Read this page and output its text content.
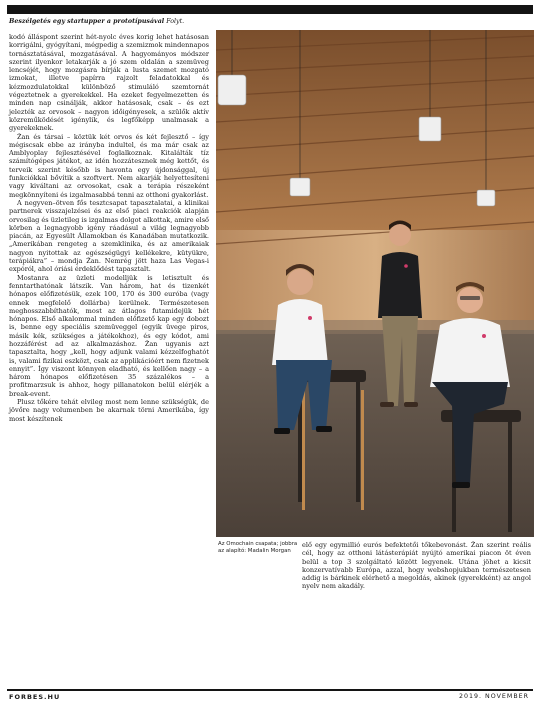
Beszélgetés egy startupper a prototípusával Folyt.

kodó álláspont szerint hét-nyolc éves korig lehet hatásosan korrigálni, gyógyítani, mégpedig a szemizmok mindennapos tornásztatásával, mozgatásával. A hagyományos módszer szerint ilyenkor letakarják a jó szem oldalán a szemüveg lencséjét, hogy mozgásra bírják a lusta szemet mozgató izmokat, illetve papírra rajzolt feladatokkal és kézmozdulatokkal különböző stimuláló szemtornát végeztetnek a gyerekekkel. Ha ezeket fegyelmezetten és minden nap csinálják, akkor hatásosak, csak – és ezt jelezték az orvosok – nagyon időigényesek, a szülők aktív közreműködését igénylik, és legfőképp unalmasak a gyerekeknek.

Žan és társai – köztük két orvos és két fejlesztő – így mégiscsak ebbe az irányba indultel, és ma már csak az Amblyoplay fejlesztésével foglalkoznak. Kitalálták tíz számítógépes játékot, az idén hozzátesznek még kettőt, és terveik szerint később is havonta egy újdonsággal, új funkciókkal bővítik a szoftvert. Nem akarják helyettesíteni vagy kiváltani az orvosokat, csak a terápia részeként megkönnyíteni és izgalmasabbá tenni az otthoni gyakorlást.

A negyven–ötven fős tesztcsapat tapasztalatai, a klinikai partnerek visszajelzései és az első piaci reakciók alapján orvosilag és üzletileg is izgalmas dolgot alkottak, amire első körben a legnagyobb igény ráadásul a világ legnagyobb piacán, az Egyesült Államokban és Kanadában mutatkozik. „Amerikában rengeteg a szemklinika, és az amerikaiak nagyon nyitottak az egészségügyi kellékekre, kütyükre, terápiákra” – mondja Žan. Nemrég jött haza Las Vegas-i expóról, ahol óriási érdeklődést tapasztalt.

Mostanra az üzleti modelljük is letisztult és fenntarthatónak látszik. Van három, hat és tizenkét hónapos előfizetésük, ezek 100, 170 és 300 euróba (vagy ennek megfelelő dollárba) kerülnek. Természetesen meghosszabbíthatók, most az átlagos futamidejük hét hónapos. Első alkalommal minden előfizető kap egy dobozt is, benne egy speciális szemüveggel (egyik üvege piros, másik kék, szükséges a játékokhoz), és egy kódot, ami hozzáférést ad az alkalmazáshoz. Žan ugyanis azt tapasztalta, hogy „kell, hogy adjunk valami kézzelfoghatót is, valami fizikai eszközt, csak az applikációért nem fizetnek ennyit”. Így viszont könnyen eladható, és kellően nagy – a három hónapos előfizetésen 35 százalékos – a profitmarzsuk is ahhoz, hogy pillanatokon belül elérjék a break-event.

Plusz tőkére tehát elvileg most nem lenne szükségük, de jövőre nagy volumenben be akarnak törni Amerikába, így most készítenek

Az Omochain csapata; jobbra az alapító: Madalin Morgan

elő egy egymillió eurós befektetői tőkebevonást. Žan szerint reális cél, hogy az otthoni látásterápiát nyújtó amerikai piacon öt éven belül a top 3 szolgáltató között legyenek. Utána jöhet a kicsit konzervatívabb Európa, azzal, hogy webshopjukban természetesen addig is bárkinek elérhető a megoldás, akinek (gyerekként) az angol nyelv nem akadály.

FORBES.HU	2019. NOVEMBER
